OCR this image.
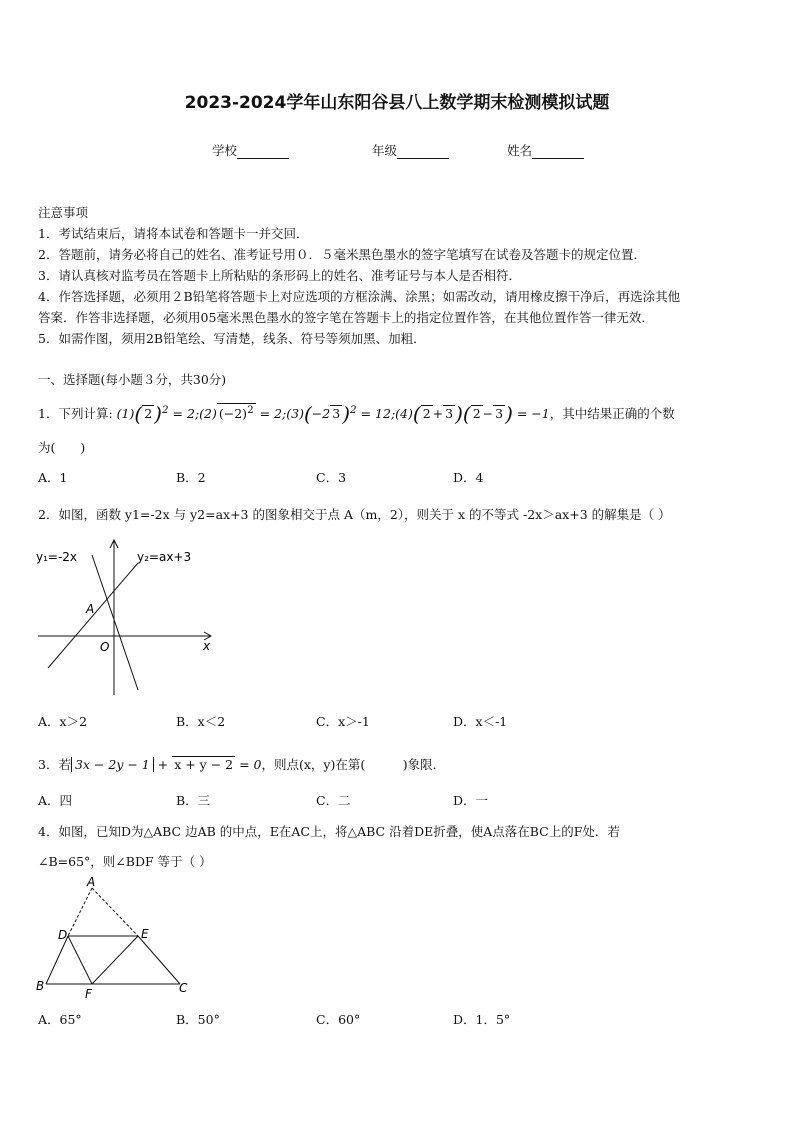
2023-2024学年山东阳谷县八上数学期末检测模拟试题
学校	年级	姓名
注意事项
1．考试结束后，请将本试卷和答题卡一并交回．
2．答题前，请务必将自己的姓名、准考证号用０．５毫米黑色墨水的签字笔填写在试卷及答题卡的规定位置．
3．请认真核对监考员在答题卡上所粘贴的条形码上的姓名、准考证号与本人是否相符．
4．作答选择题，必须用２B铅笔将答题卡上对应选项的方框涂满、涂黑；如需改动，请用橡皮擦干净后，再选涂其他
答案．作答非选择题，必须用05毫米黑色墨水的签字笔在答题卡上的指定位置作答，在其他位置作答一律无效．
5．如需作图，须用2B铅笔绘、写清楚，线条、符号等须加黑、加粗．
一、选择题(每小题３分，共30分)
1．下列计算: (1)( 2 )$^2$ = 2;(2) $(-2)^2$ = 2;(3)(−2 3 )$^2$ = 12;(4)( 2 + 3 )( 2 − 3 ) = −1，其中结果正确的个数
为(　　)
A．1	B．2	C．3	D．4
2．如图，函数 y1=-2x 与 y2=ax+3 的图象相交于点 A（m，2），则关于 x 的不等式 -2x＞ax+3 的解集是（ ）
y₁=-2x	y₂=ax+3
A
O	x
A．x＞2	B．x＜2	C．x＞-1	D．x＜-1
3．若 3x − 2y − 1 + x + y − 2 = 0，则点(x，y)在第(　　　)象限．
A．四	B．三	C．二	D．一
4．如图，已知D为△ABC 边AB 的中点，E在AC上，将△ABC 沿着DE折叠，使A点落在BC上的F处．若
∠B=65°，则∠BDF 等于（ ）
A
D	E
B
F	C
A．65°	B．50°	C．60°	D．1．5°
